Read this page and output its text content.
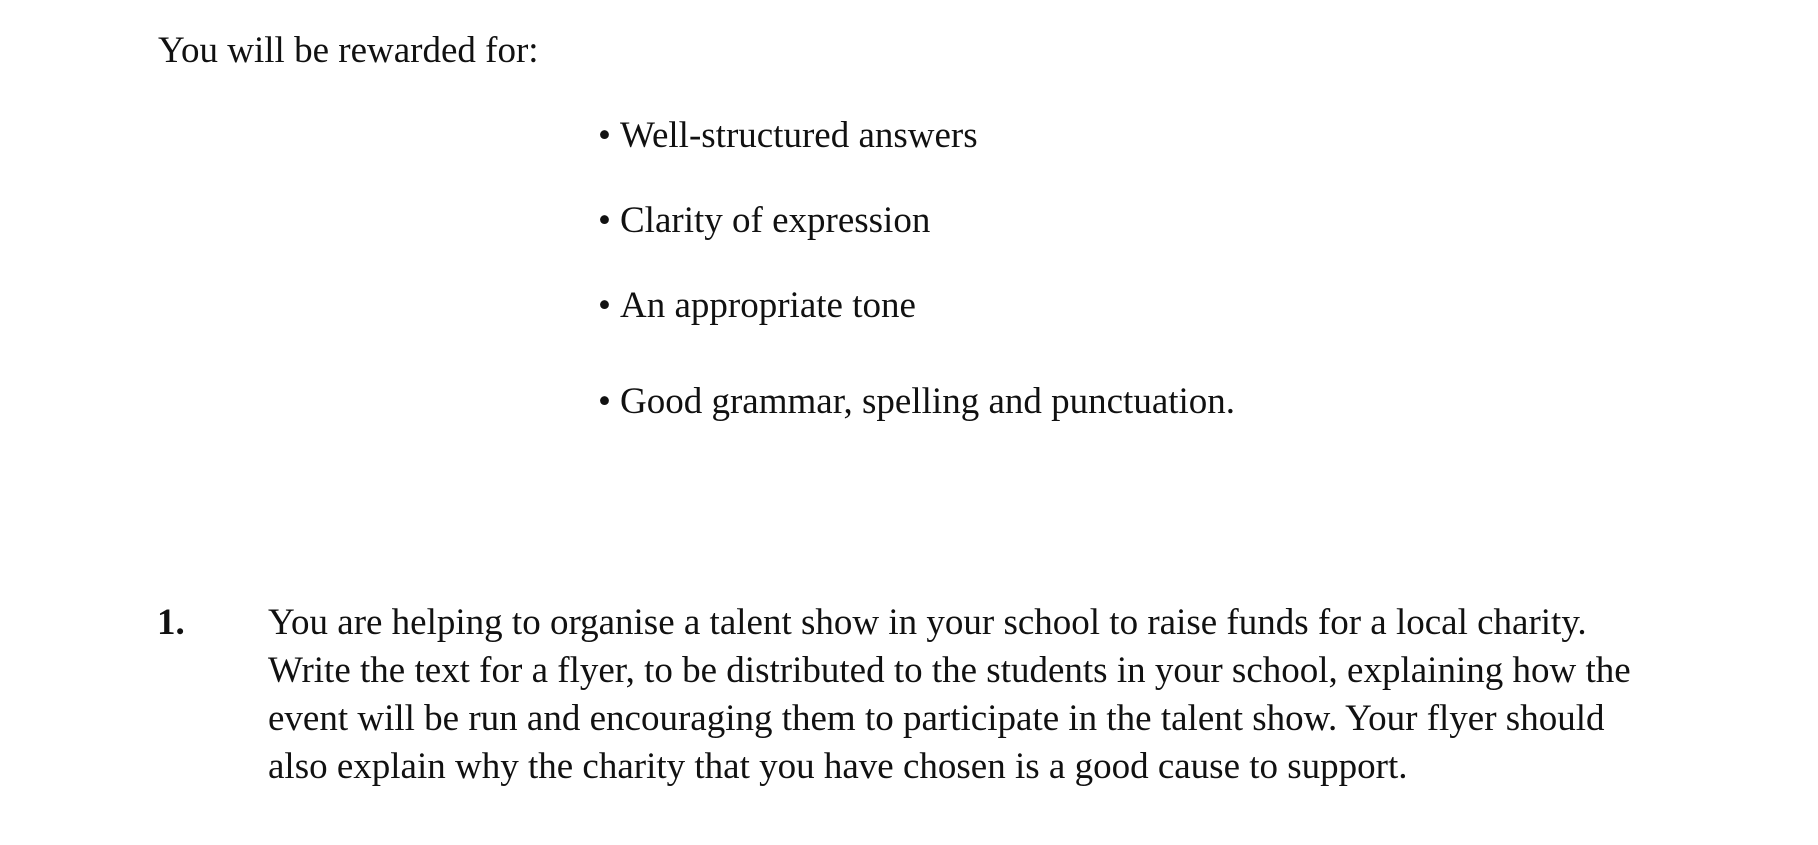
You will be rewarded for:
• Well-structured answers
• Clarity of expression
• An appropriate tone
• Good grammar, spelling and punctuation.
1. You are helping to organise a talent show in your school to raise funds for a local charity.
Write the text for a flyer, to be distributed to the students in your school, explaining how the
event will be run and encouraging them to participate in the talent show. Your flyer should
also explain why the charity that you have chosen is a good cause to support.
